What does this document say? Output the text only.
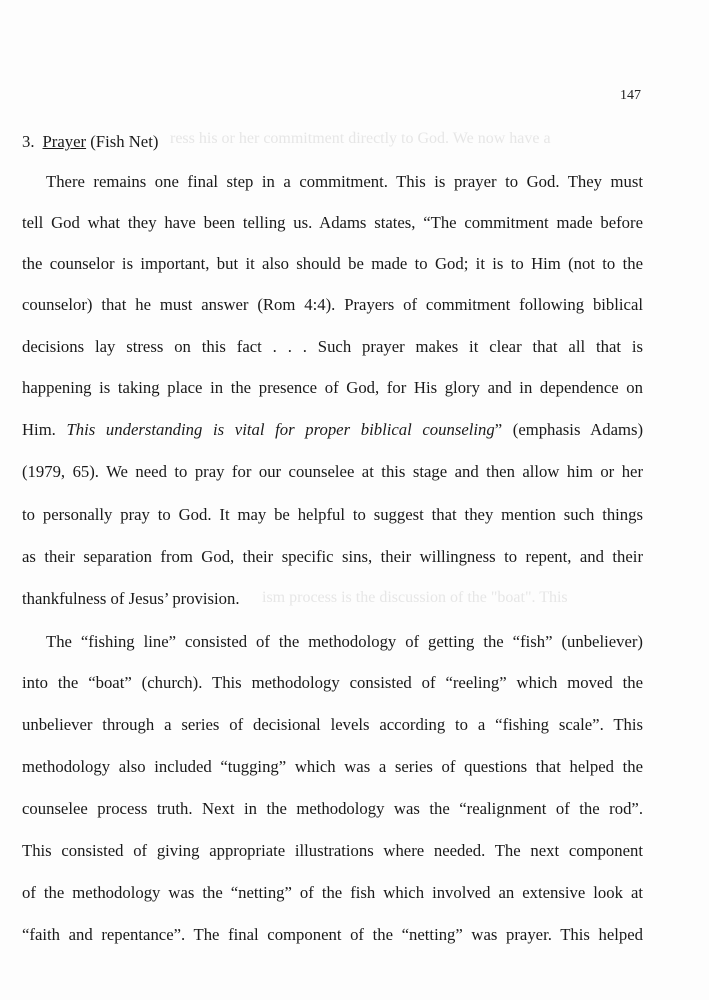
ress his or her commitment directly to God. We now have a
ism process is the discussion of the "boat". This
147
3. Prayer (Fish Net)
There remains one final step in a commitment. This is prayer to God. They must
tell God what they have been telling us. Adams states, “The commitment made before
the counselor is important, but it also should be made to God; it is to Him (not to the
counselor) that he must answer (Rom 4:4). Prayers of commitment following biblical
decisions lay stress on this fact . . . Such prayer makes it clear that all that is
happening is taking place in the presence of God, for His glory and in dependence on
Him. This understanding is vital for proper biblical counseling” (emphasis Adams)
(1979, 65). We need to pray for our counselee at this stage and then allow him or her
to personally pray to God. It may be helpful to suggest that they mention such things
as their separation from God, their specific sins, their willingness to repent, and their
thankfulness of Jesus’ provision.
The “fishing line” consisted of the methodology of getting the “fish” (unbeliever)
into the “boat” (church). This methodology consisted of “reeling” which moved the
unbeliever through a series of decisional levels according to a “fishing scale”. This
methodology also included “tugging” which was a series of questions that helped the
counselee process truth. Next in the methodology was the “realignment of the rod”.
This consisted of giving appropriate illustrations where needed. The next component
of the methodology was the “netting” of the fish which involved an extensive look at
“faith and repentance”. The final component of the “netting” was prayer. This helped
